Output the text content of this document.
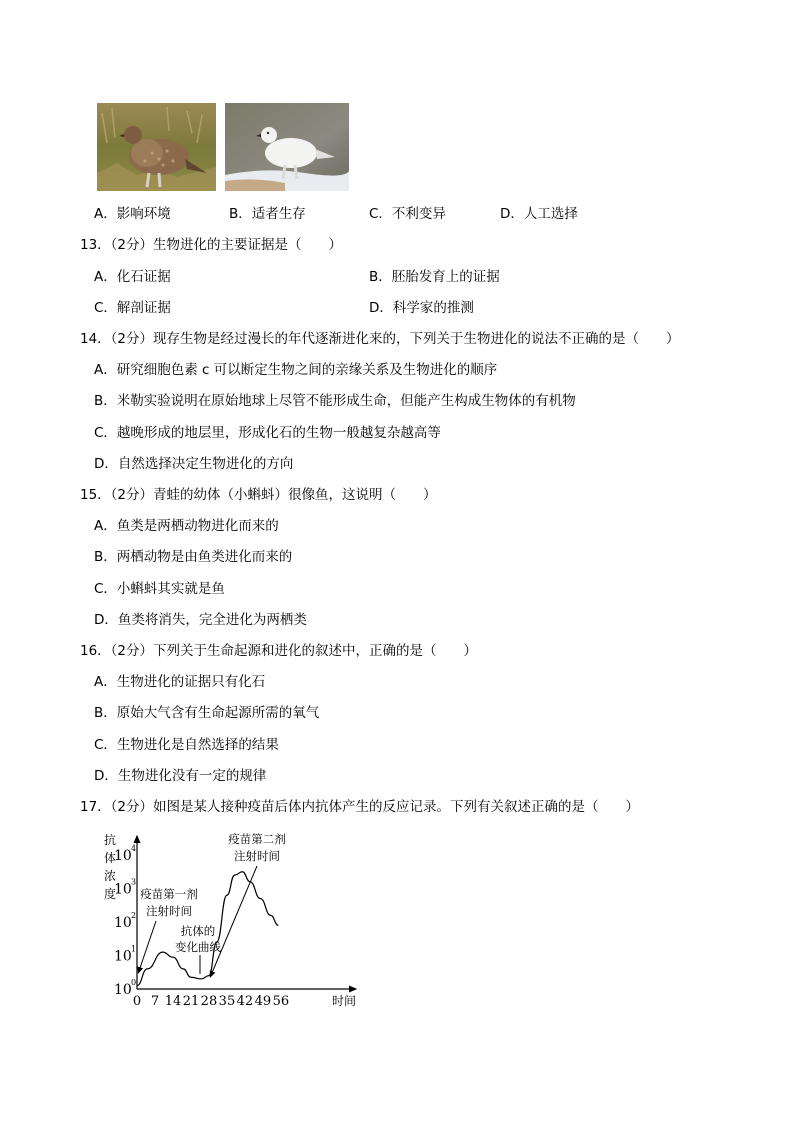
A．影响环境	B．适者生存	C．不利变异	D．人工选择
13．（2分）生物进化的主要证据是（　　）
A．化石证据	B．胚胎发育上的证据
C．解剖证据	D．科学家的推测
14．（2分）现存生物是经过漫长的年代逐渐进化来的，下列关于生物进化的说法不正确的是（　　）
A．研究细胞色素 c 可以断定生物之间的亲缘关系及生物进化的顺序
B．米勒实验说明在原始地球上尽管不能形成生命，但能产生构成生物体的有机物
C．越晚形成的地层里，形成化石的生物一般越复杂越高等
D．自然选择决定生物进化的方向
15．（2分）青蛙的幼体（小蝌蚪）很像鱼，这说明（　　）
A．鱼类是两栖动物进化而来的
B．两栖动物是由鱼类进化而来的
C．小蝌蚪其实就是鱼
D．鱼类将消失，完全进化为两栖类
16．（2分）下列关于生命起源和进化的叙述中，正确的是（　　）
A．生物进化的证据只有化石
B．原始大气含有生命起源所需的氧气
C．生物进化是自然选择的结果
D．生物进化没有一定的规律
17．（2分）如图是某人接种疫苗后体内抗体产生的反应记录。下列有关叙述正确的是（　　）
抗
体
浓
度
10 0
10 1
10 2
10 3
10 4
0 7 14 21 28 35 42 49 56	时间
疫苗第一剂
注射时间
抗体的
变化曲线
疫苗第二剂
注射时间
